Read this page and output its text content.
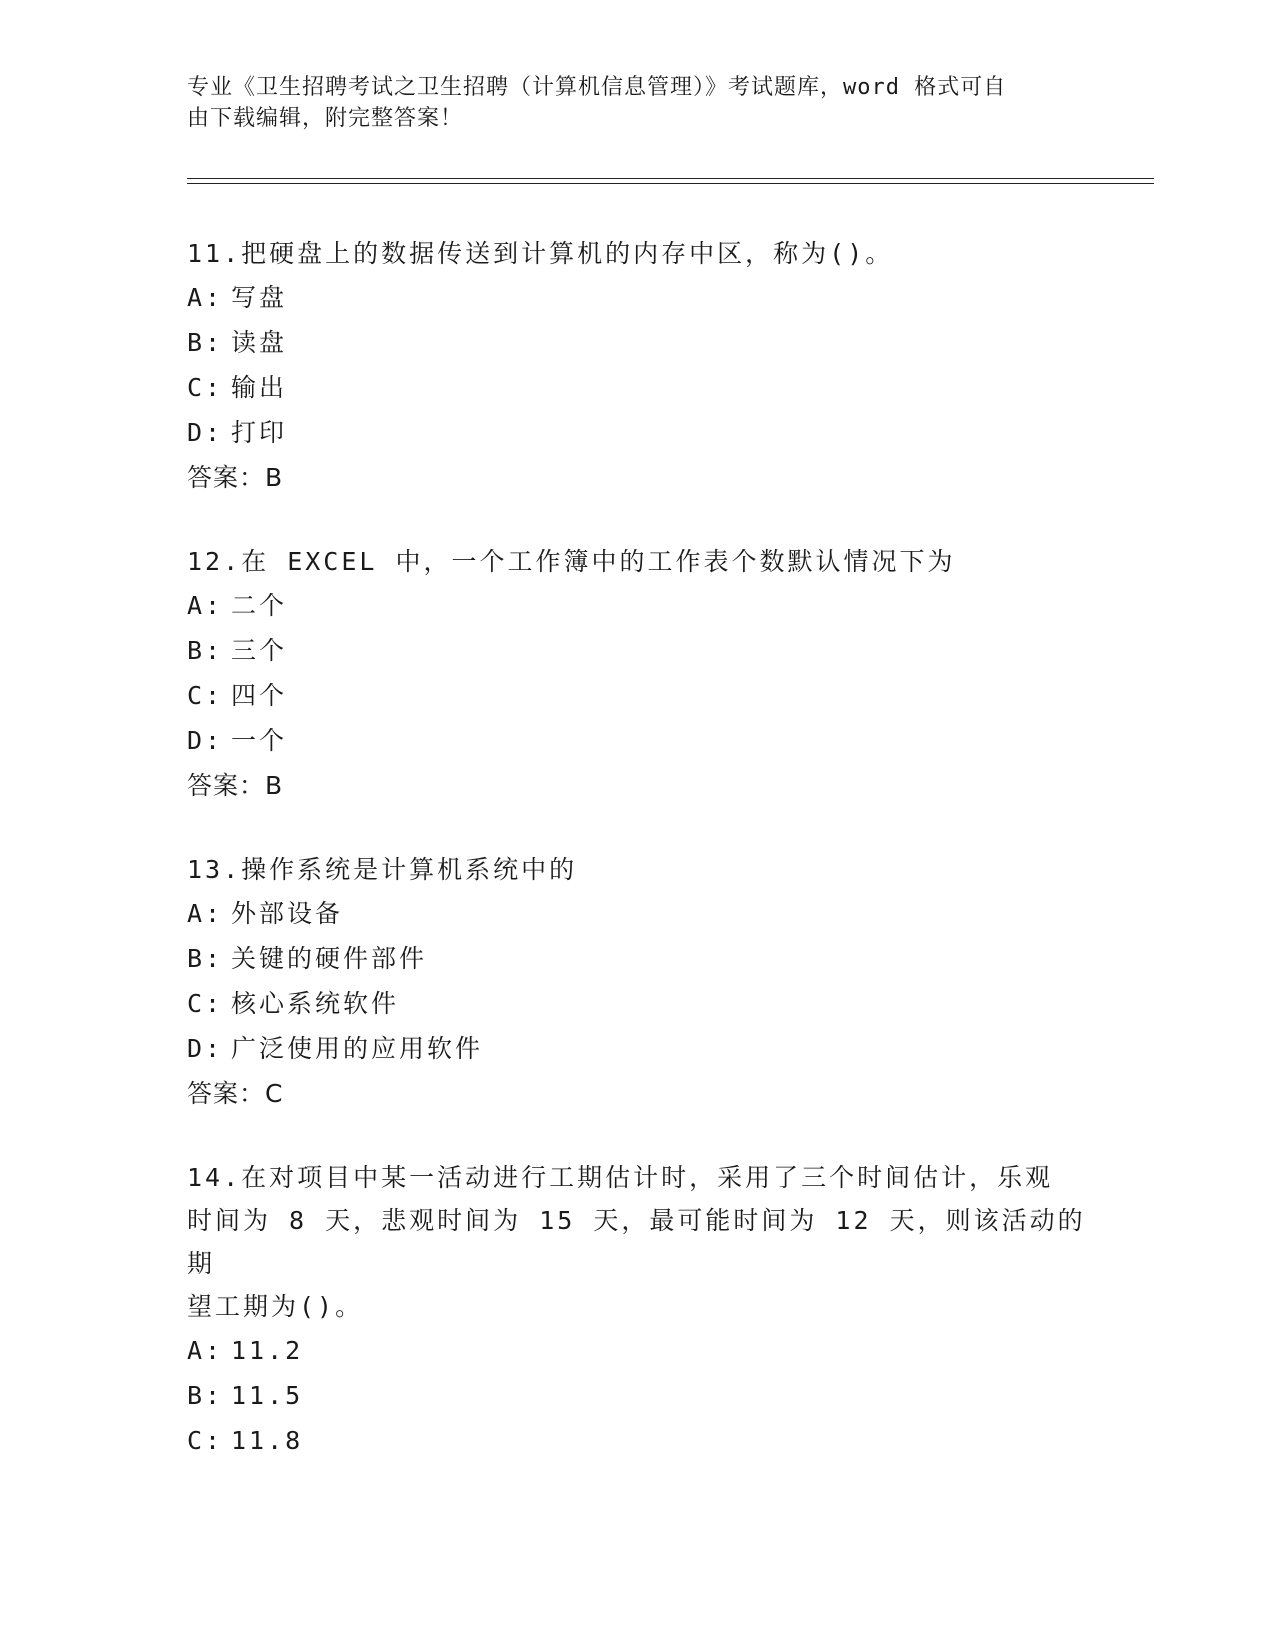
专业《卫生招聘考试之卫生招聘（计算机信息管理）》考试题库，word 格式可自

由下载编辑，附完整答案！

11.把硬盘上的数据传送到计算机的内存中区，称为()。

A: 写盘

B: 读盘

C: 输出

D: 打印

答案：B

12.在 EXCEL 中，一个工作簿中的工作表个数默认情况下为

A: 二个

B: 三个

C: 四个

D: 一个

答案：B

13.操作系统是计算机系统中的

A: 外部设备

B: 关键的硬件部件

C: 核心系统软件

D: 广泛使用的应用软件

答案：C

14.在对项目中某一活动进行工期估计时，采用了三个时间估计，乐观

时间为 8 天，悲观时间为 15 天，最可能时间为 12 天，则该活动的期

望工期为()。

A: 11.2

B: 11.5

C: 11.8
